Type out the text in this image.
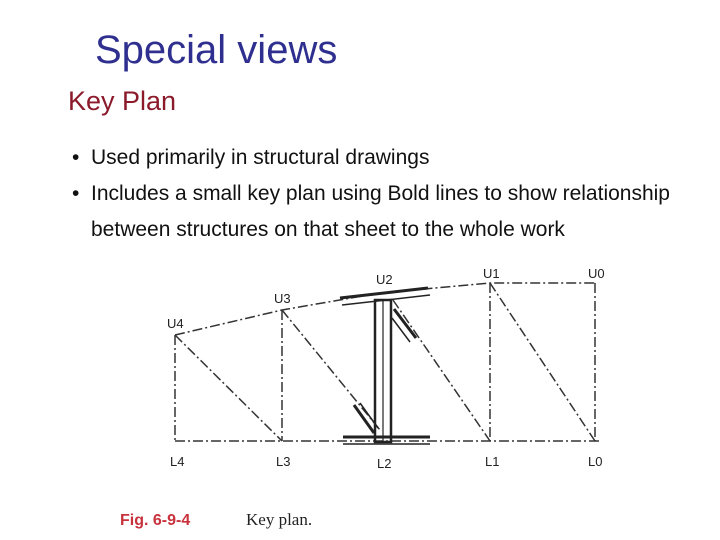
Special views
Key Plan
• Used primarily in structural drawings
• Includes a small key plan using Bold lines to show relationship between structures on that sheet to the whole work
U4
U3
U2	U1	U0
L4	L3	L2	L1	L0
Fig. 6-9-4	Key plan.
